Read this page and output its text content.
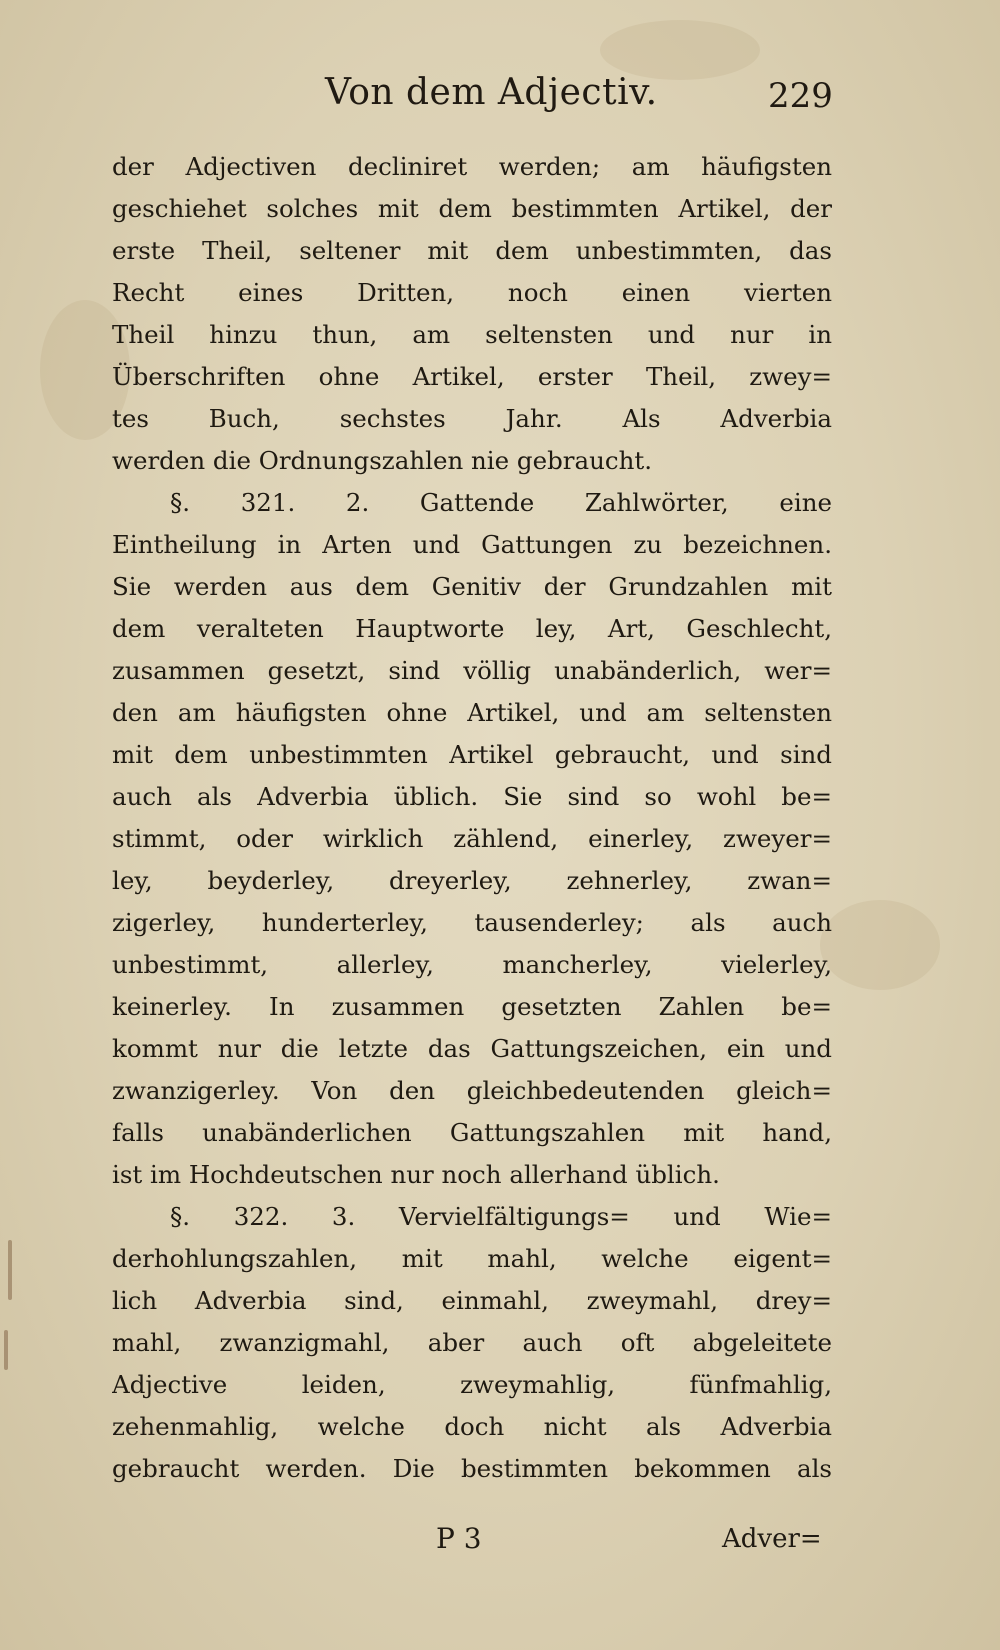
Von dem Adjectiv.	229
der Adjectiven decliniret werden; am häufigsten
geschiehet solches mit dem bestimmten Artikel, der
erste Theil, seltener mit dem unbestimmten, das
Recht eines Dritten, noch einen vierten
Theil hinzu thun, am seltensten und nur in
Überschriften ohne Artikel, erster Theil, zwey=
tes Buch, sechstes Jahr. Als Adverbia
werden die Ordnungszahlen nie gebraucht.
§. 321. 2. Gattende Zahlwörter, eine
Eintheilung in Arten und Gattungen zu bezeichnen.
Sie werden aus dem Genitiv der Grundzahlen mit
dem veralteten Hauptworte ley, Art, Geschlecht,
zusammen gesetzt, sind völlig unabänderlich, wer=
den am häufigsten ohne Artikel, und am seltensten
mit dem unbestimmten Artikel gebraucht, und sind
auch als Adverbia üblich. Sie sind so wohl be=
stimmt, oder wirklich zählend, einerley, zweyer=
ley, beyderley, dreyerley, zehnerley, zwan=
zigerley, hunderterley, tausenderley; als auch
unbestimmt, allerley, mancherley, vielerley,
keinerley. In zusammen gesetzten Zahlen be=
kommt nur die letzte das Gattungszeichen, ein und
zwanzigerley. Von den gleichbedeutenden gleich=
falls unabänderlichen Gattungszahlen mit hand,
ist im Hochdeutschen nur noch allerhand üblich.
§. 322. 3. Vervielfältigungs= und Wie=
derhohlungszahlen, mit mahl, welche eigent=
lich Adverbia sind, einmahl, zweymahl, drey=
mahl, zwanzigmahl, aber auch oft abgeleitete
Adjective leiden, zweymahlig, fünfmahlig,
zehenmahlig, welche doch nicht als Adverbia
gebraucht werden. Die bestimmten bekommen als
P 3	Adver=
